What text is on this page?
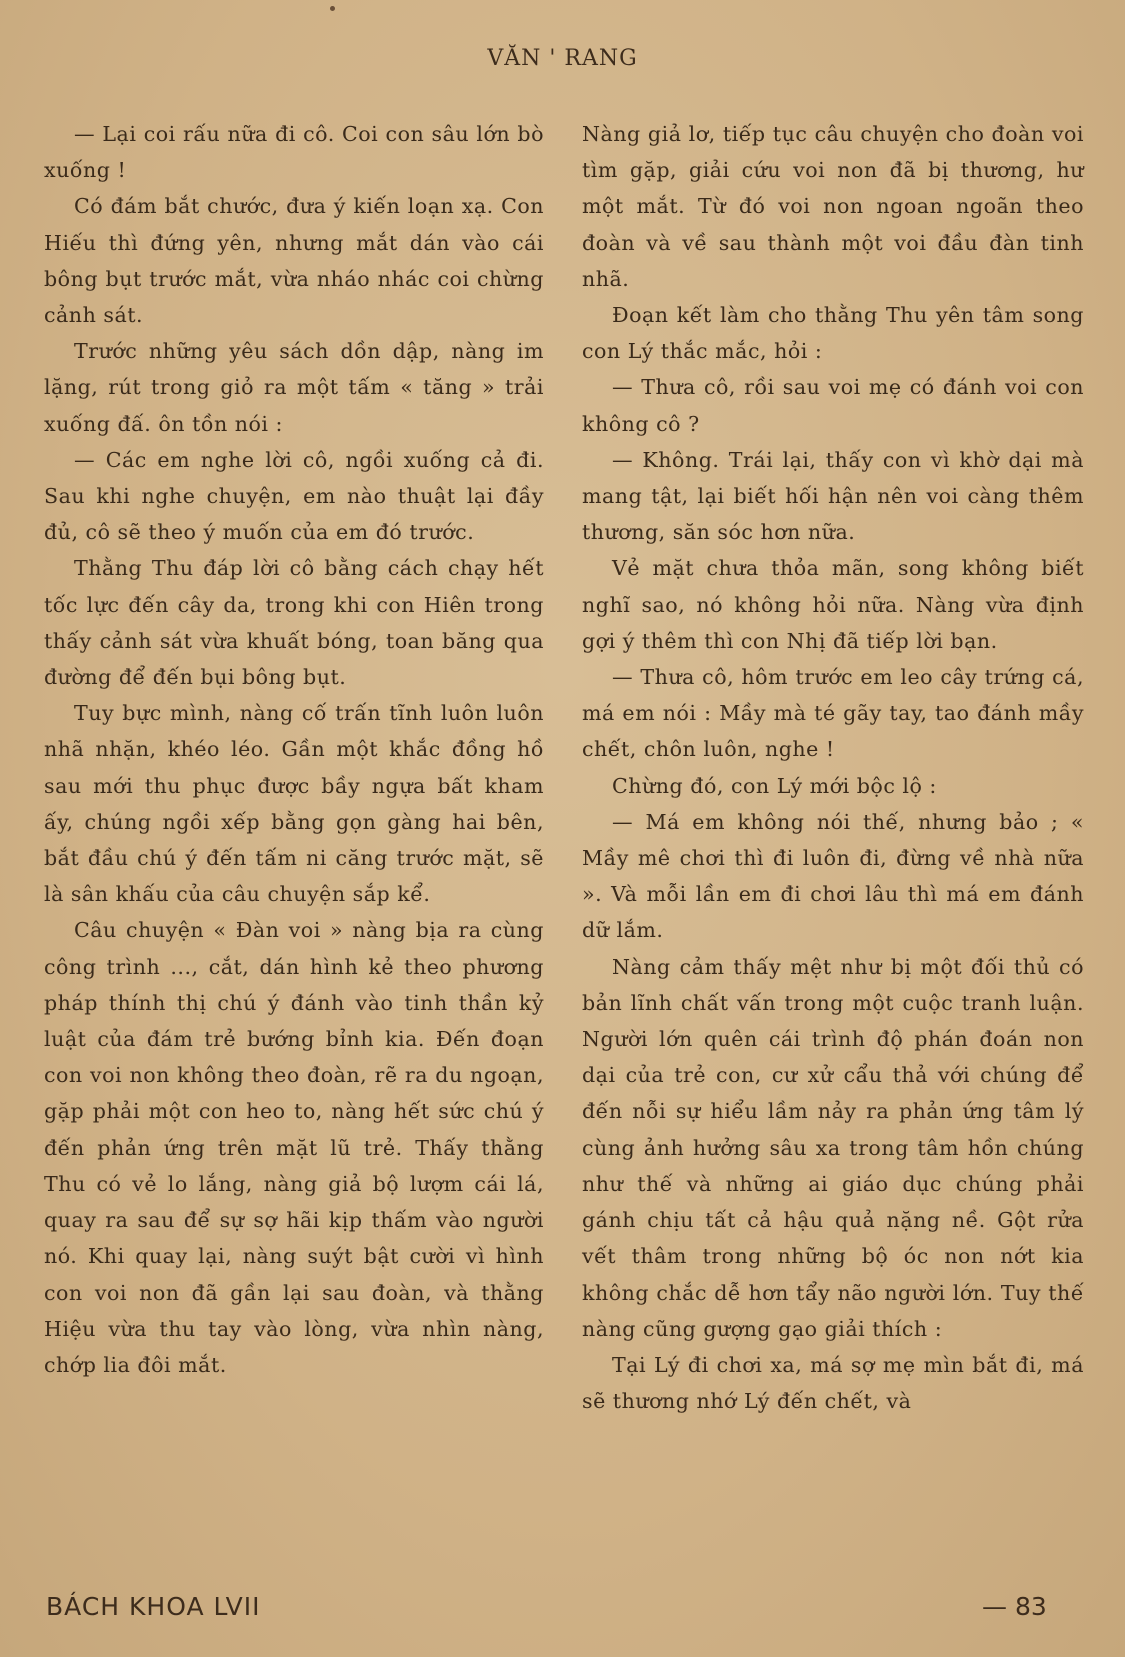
VĂN ' RANG

— Lại coi rấu nữa đi cô. Coi con sâu lớn bò xuống !

Có đám bắt chước, đưa ý kiến loạn xạ. Con Hiếu thì đứng yên, nhưng mắt dán vào cái bông bụt trước mắt, vừa nháo nhác coi chừng cảnh sát.

Trước những yêu sách dồn dập, nàng im lặng, rút trong giỏ ra một tấm « tăng » trải xuống đấ. ôn tồn nói :

— Các em nghe lời cô, ngồi xuống cả đi. Sau khi nghe chuyện, em nào thuật lại đầy đủ, cô sẽ theo ý muốn của em đó trước.

Thằng Thu đáp lời cô bằng cách chạy hết tốc lực đến cây da, trong khi con Hiên trong thấy cảnh sát vừa khuất bóng, toan băng qua đường để đến bụi bông bụt.

Tuy bực mình, nàng cố trấn tĩnh luôn luôn nhã nhặn, khéo léo. Gần một khắc đồng hồ sau mới thu phục được bầy ngựa bất kham ấy, chúng ngồi xếp bằng gọn gàng hai bên, bắt đầu chú ý đến tấm ni căng trước mặt, sẽ là sân khấu của câu chuyện sắp kể.

Câu chuyện « Đàn voi » nàng bịa ra cùng công trình ..., cắt, dán hình kẻ theo phương pháp thính thị chú ý đánh vào tinh thần kỷ luật của đám trẻ bướng bỉnh kia. Đến đoạn con voi non không theo đoàn, rẽ ra du ngoạn, gặp phải một con heo to, nàng hết sức chú ý đến phản ứng trên mặt lũ trẻ. Thấy thằng Thu có vẻ lo lắng, nàng giả bộ lượm cái lá, quay ra sau để sự sợ hãi kịp thấm vào người nó. Khi quay lại, nàng suýt bật cười vì hình con voi non đã gần lại sau đoàn, và thằng Hiệu vừa thu tay vào lòng, vừa nhìn nàng, chớp lia đôi mắt.

Nàng giả lơ, tiếp tục câu chuyện cho đoàn voi tìm gặp, giải cứu voi non đã bị thương, hư một mắt. Từ đó voi non ngoan ngoãn theo đoàn và về sau thành một voi đầu đàn tinh nhã.

Đoạn kết làm cho thằng Thu yên tâm song con Lý thắc mắc, hỏi :

— Thưa cô, rồi sau voi mẹ có đánh voi con không cô ?

— Không. Trái lại, thấy con vì khờ dại mà mang tật, lại biết hối hận nên voi càng thêm thương, săn sóc hơn nữa.

Vẻ mặt chưa thỏa mãn, song không biết nghĩ sao, nó không hỏi nữa. Nàng vừa định gợi ý thêm thì con Nhị đã tiếp lời bạn.

— Thưa cô, hôm trước em leo cây trứng cá, má em nói : Mầy mà té gãy tay, tao đánh mầy chết, chôn luôn, nghe !

Chừng đó, con Lý mới bộc lộ :

— Má em không nói thế, nhưng bảo ; « Mầy mê chơi thì đi luôn đi, đừng về nhà nữa ». Và mỗi lần em đi chơi lâu thì má em đánh dữ lắm.

Nàng cảm thấy mệt như bị một đối thủ có bản lĩnh chất vấn trong một cuộc tranh luận. Người lớn quên cái trình độ phán đoán non dại của trẻ con, cư xử cẩu thả với chúng để đến nỗi sự hiểu lầm nảy ra phản ứng tâm lý cùng ảnh hưởng sâu xa trong tâm hồn chúng như thế và những ai giáo dục chúng phải gánh chịu tất cả hậu quả nặng nề. Gột rửa vết thâm trong những bộ óc non nớt kia không chắc dễ hơn tẩy não người lớn. Tuy thế nàng cũng gượng gạo giải thích :

Tại Lý đi chơi xa, má sợ mẹ mìn bắt đi, má sẽ thương nhớ Lý đến chết, và

BÁCH KHOA LVII	— 83
